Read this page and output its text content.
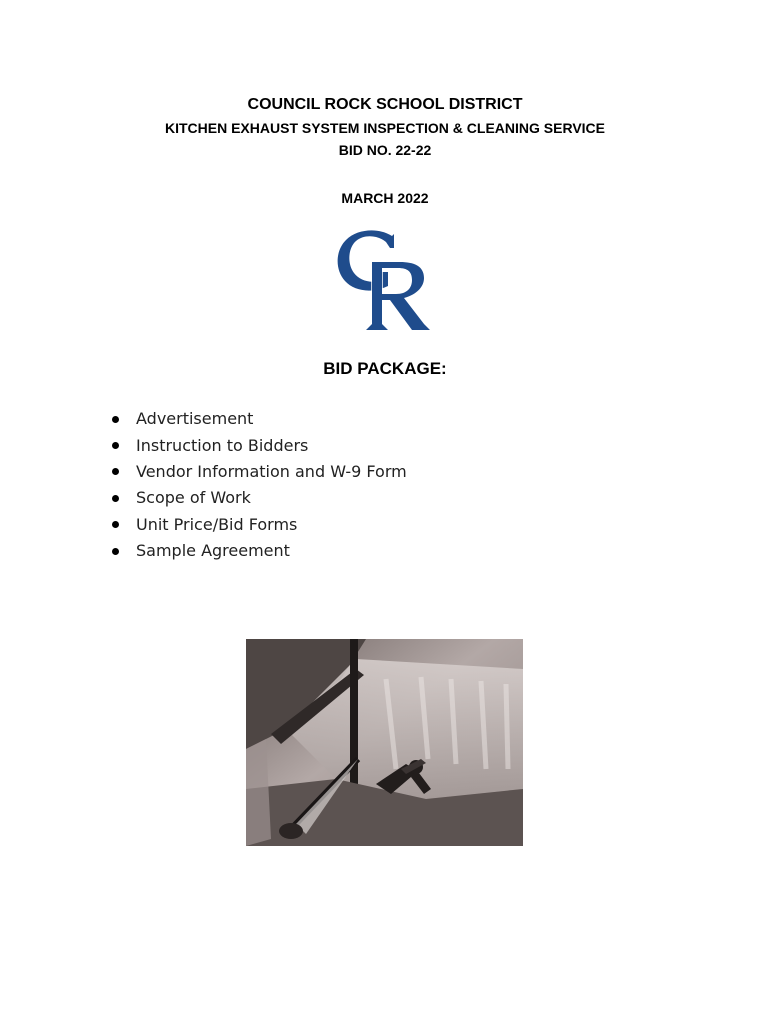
COUNCIL ROCK SCHOOL DISTRICT

KITCHEN EXHAUST SYSTEM INSPECTION & CLEANING SERVICE

BID NO. 22-22

MARCH 2022
BID PACKAGE:
Advertisement
Instruction to Bidders
Vendor Information and W-9 Form
Scope of Work
Unit Price/Bid Forms
Sample Agreement
